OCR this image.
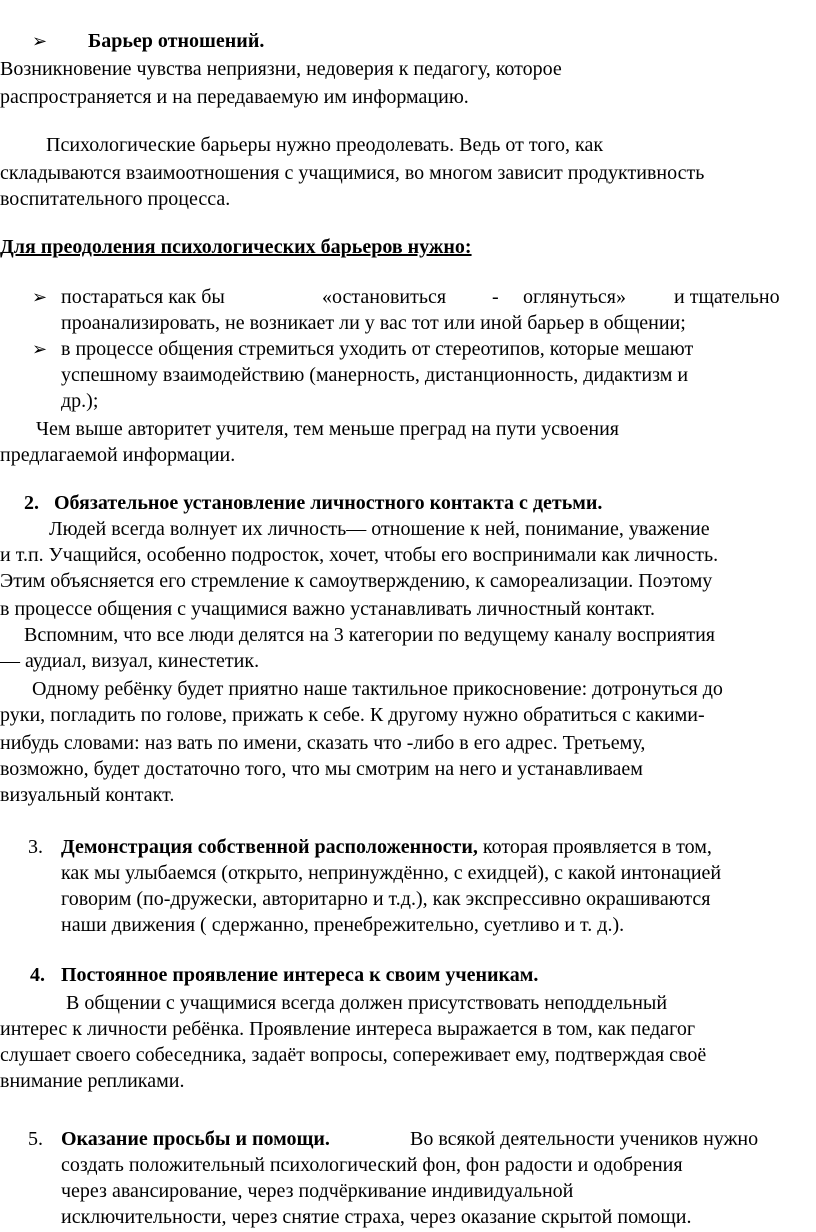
➢ Барьер отношений.
Возникновение чувства неприязни, недоверия к педагогу, которое
распространяется и на передаваемую им информацию.
Психологические барьеры нужно преодолевать. Ведь от того, как
складываются взаимоотношения с учащимися, во многом зависит продуктивность
воспитательного процесса.
Для преодоления психологических барьеров нужно:
➢ постараться как бы	«остановиться - оглянуться» и тщательно
проанализировать, не возникает ли у вас тот или иной барьер в общении;
➢ в процессе общения стремиться уходить от стереотипов, которые мешают
успешному взаимодействию (манерность, дистанционность, дидактизм и
др.);
Чем выше авторитет учителя, тем меньше преград на пути усвоения
предлагаемой информации.
2. Обязательное установление личностного контакта с детьми.
Людей всегда волнует их личность— отношение к ней, понимание, уважение
и т.п. Учащийся, особенно подросток, хочет, чтобы его воспринимали как личность.
Этим объясняется его стремление к самоутверждению, к самореализации. Поэтому
в процессе общения с учащимися важно устанавливать личностный контакт.
Вспомним, что все люди делятся на 3 категории по ведущему каналу восприятия
— аудиал, визуал, кинестетик.
Одному ребёнку будет приятно наше тактильное прикосновение: дотронуться до
руки, погладить по голове, прижать к себе. К другому нужно обратиться с какими-
нибудь словами: наз вать по имени, сказать что -либо в его адрес. Третьему,
возможно, будет достаточно того, что мы смотрим на него и устанавливаем
визуальный контакт.
3. Демонстрация собственной расположенности, которая проявляется в том,
как мы улыбаемся (открыто, непринуждённо, с ехидцей), с какой интонацией
говорим (по-дружески, авторитарно и т.д.), как экспрессивно окрашиваются
наши движения ( сдержанно, пренебрежительно, суетливо и т. д.).
4. Постоянное проявление интереса к своим ученикам.
В общении с учащимися всегда должен присутствовать неподдельный
интерес к личности ребёнка. Проявление интереса выражается в том, как педагог
слушает своего собеседника, задаёт вопросы, сопереживает ему, подтверждая своё
внимание репликами.
5. Оказание просьбы и помощи.	Во всякой деятельности учеников нужно
создать положительный психологический фон, фон радости и одобрения
через авансирование, через подчёркивание индивидуальной
исключительности, через снятие страха, через оказание скрытой помощи.
